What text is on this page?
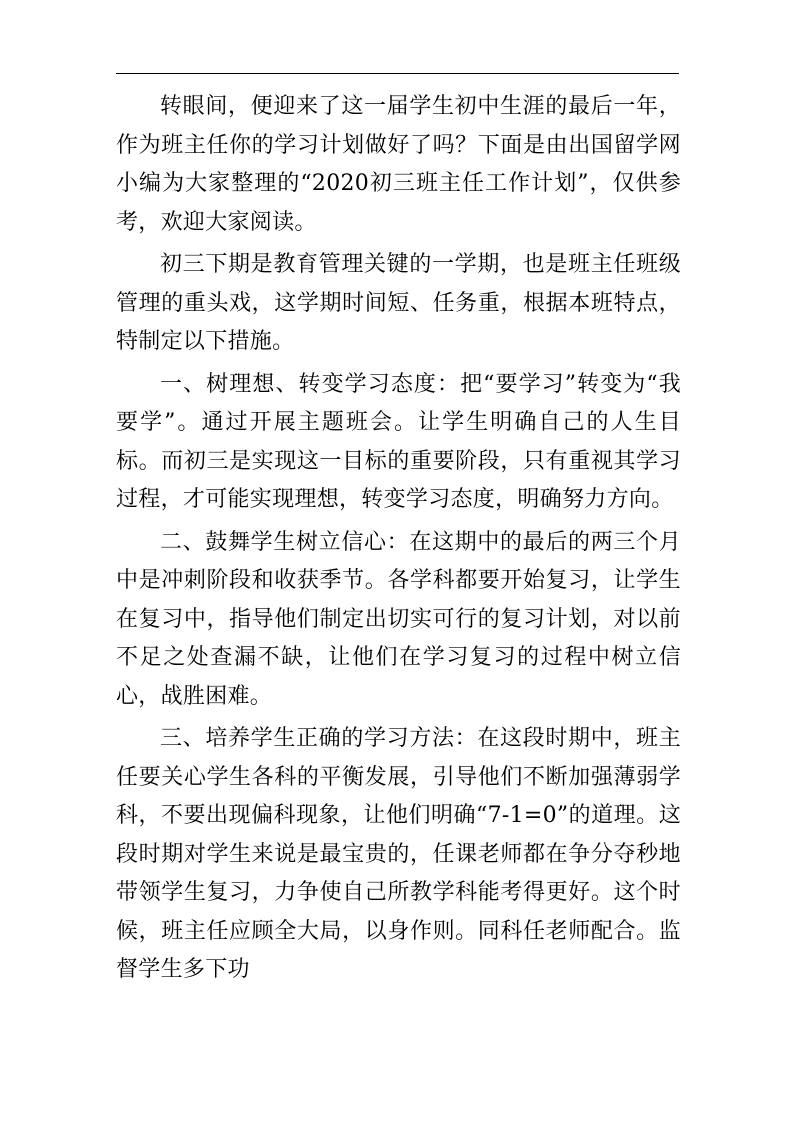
转眼间，便迎来了这一届学生初中生涯的最后一年，作为班主任你的学习计划做好了吗？下面是由出国留学网小编为大家整理的“2020初三班主任工作计划”，仅供参考，欢迎大家阅读。

初三下期是教育管理关键的一学期，也是班主任班级管理的重头戏，这学期时间短、任务重，根据本班特点，特制定以下措施。

一、树理想、转变学习态度：把“要学习”转变为“我要学”。通过开展主题班会。让学生明确自己的人生目标。而初三是实现这一目标的重要阶段，只有重视其学习过程，才可能实现理想，转变学习态度，明确努力方向。

二、鼓舞学生树立信心：在这期中的最后的两三个月中是冲刺阶段和收获季节。各学科都要开始复习，让学生在复习中，指导他们制定出切实可行的复习计划，对以前不足之处查漏不缺，让他们在学习复习的过程中树立信心，战胜困难。

三、培养学生正确的学习方法：在这段时期中，班主任要关心学生各科的平衡发展，引导他们不断加强薄弱学科，不要出现偏科现象，让他们明确“7-1=0”的道理。这段时期对学生来说是最宝贵的，任课老师都在争分夺秒地带领学生复习，力争使自己所教学科能考得更好。这个时候，班主任应顾全大局，以身作则。同科任老师配合。监督学生多下功
